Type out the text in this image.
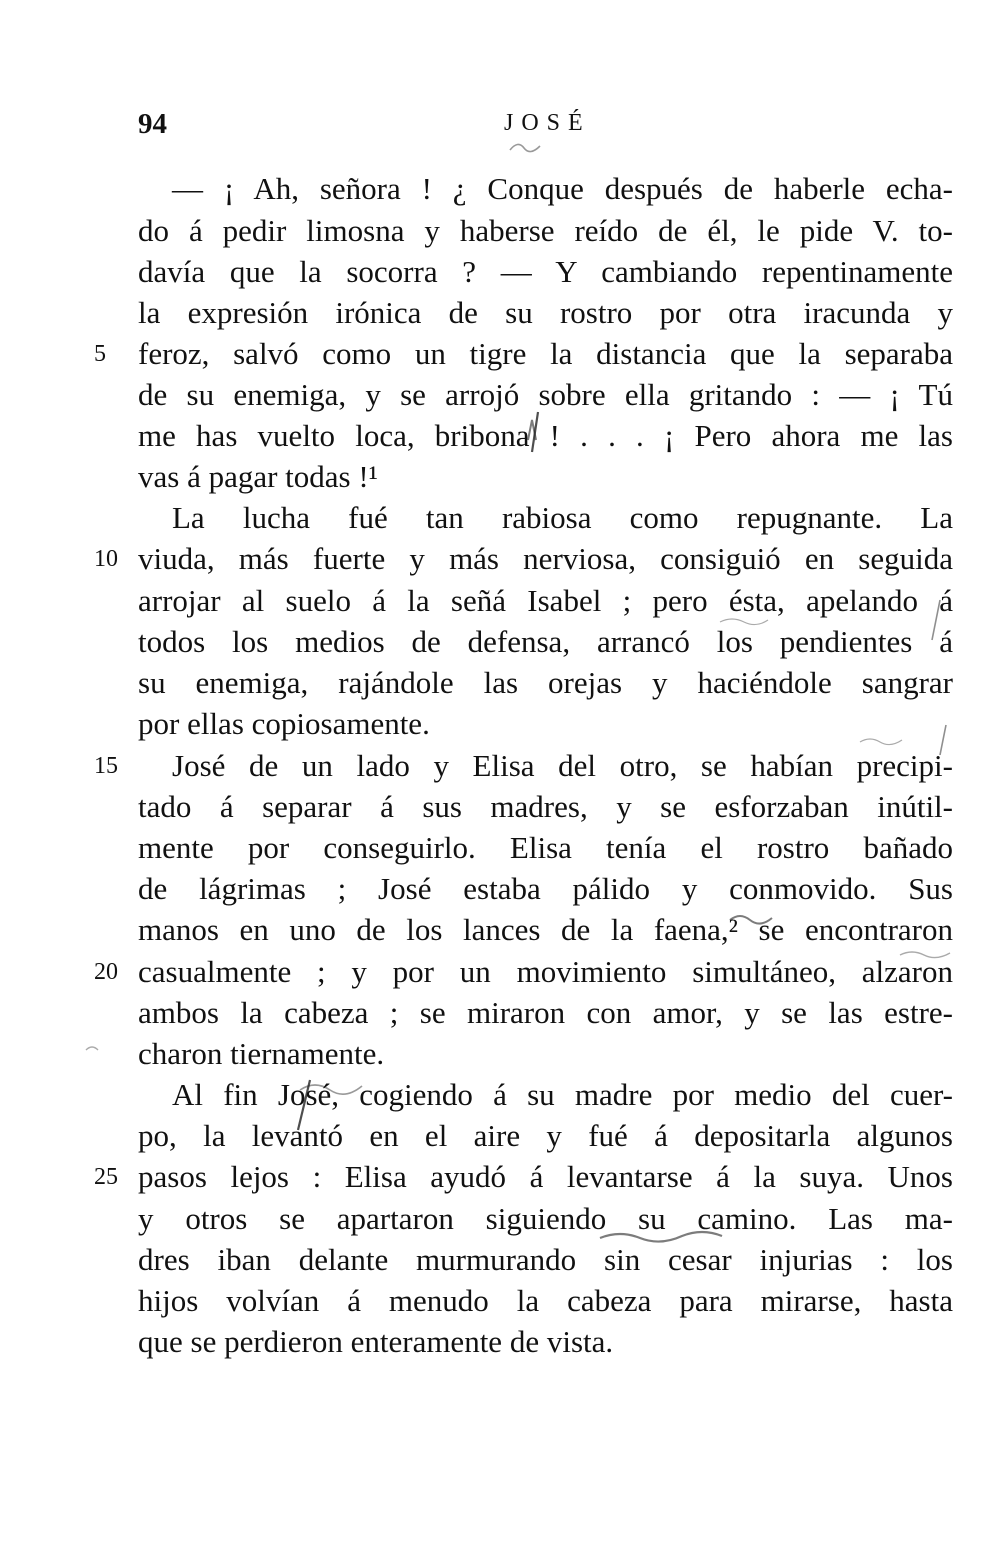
94	JOSÉ
— ¡ Ah, señora ! ¿ Conque después de haberle echa-
do á pedir limosna y haberse reído de él, le pide V. to-
davía que la socorra ? — Y cambiando repentinamente
la expresión irónica de su rostro por otra iracunda y
5	feroz, salvó como un tigre la distancia que la separaba
de su enemiga, y se arrojó sobre ella gritando : — ¡ Tú
me has vuelto loca, bribona ! . . . ¡ Pero ahora me las
vas á pagar todas !¹
La lucha fué tan rabiosa como repugnante. La
10 viuda, más fuerte y más nerviosa, consiguió en seguida
arrojar al suelo á la señá Isabel ; pero ésta, apelando á
todos los medios de defensa, arrancó los pendientes á
su enemiga, rajándole las orejas y haciéndole sangrar
por ellas copiosamente.
15	José de un lado y Elisa del otro, se habían precipi-
tado á separar á sus madres, y se esforzaban inútil-
mente por conseguirlo. Elisa tenía el rostro bañado
de lágrimas ; José estaba pálido y conmovido. Sus
manos en uno de los lances de la faena,² se encontraron
20 casualmente ; y por un movimiento simultáneo, alzaron
ambos la cabeza ; se miraron con amor, y se las estre-
charon tiernamente.
Al fin José, cogiendo á su madre por medio del cuer-
po, la levantó en el aire y fué á depositarla algunos
25 pasos lejos : Elisa ayudó á levantarse á la suya. Unos
y otros se apartaron siguiendo su camino. Las ma-
dres iban delante murmurando sin cesar injurias : los
hijos volvían á menudo la cabeza para mirarse, hasta
que se perdieron enteramente de vista.
